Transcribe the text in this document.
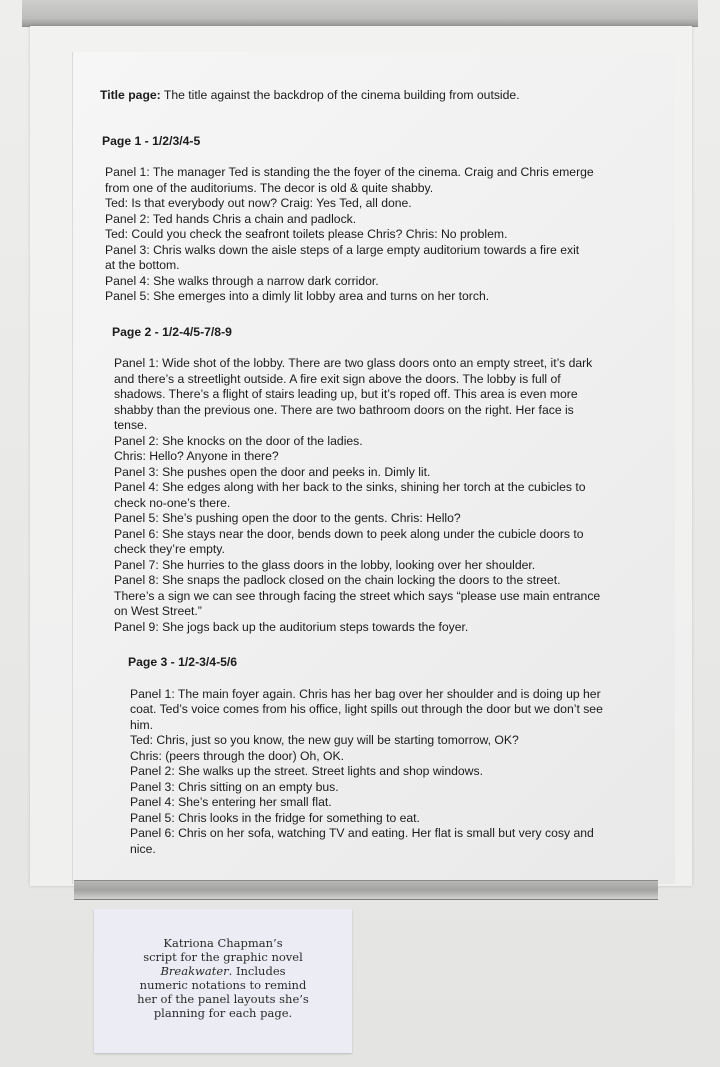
Title page: The title against the backdrop of the cinema building from outside.

Page 1 - 1/2/3/4-5

Panel 1: The manager Ted is standing the the foyer of the cinema. Craig and Chris emerge

from one of the auditoriums. The decor is old & quite shabby.

Ted: Is that everybody out now? Craig: Yes Ted, all done.

Panel 2: Ted hands Chris a chain and padlock.

Ted: Could you check the seafront toilets please Chris? Chris: No problem.

Panel 3: Chris walks down the aisle steps of a large empty auditorium towards a fire exit

at the bottom.

Panel 4: She walks through a narrow dark corridor.

Panel 5: She emerges into a dimly lit lobby area and turns on her torch.

Page 2 - 1/2-4/5-7/8-9

Panel 1: Wide shot of the lobby. There are two glass doors onto an empty street, it’s dark

and there’s a streetlight outside. A fire exit sign above the doors. The lobby is full of

shadows. There’s a flight of stairs leading up, but it’s roped off. This area is even more

shabby than the previous one. There are two bathroom doors on the right. Her face is

tense.

Panel 2: She knocks on the door of the ladies.

Chris: Hello? Anyone in there?

Panel 3: She pushes open the door and peeks in. Dimly lit.

Panel 4: She edges along with her back to the sinks, shining her torch at the cubicles to

check no-one’s there.

Panel 5: She’s pushing open the door to the gents. Chris: Hello?

Panel 6: She stays near the door, bends down to peek along under the cubicle doors to

check they’re empty.

Panel 7: She hurries to the glass doors in the lobby, looking over her shoulder.

Panel 8: She snaps the padlock closed on the chain locking the doors to the street.

There’s a sign we can see through facing the street which says “please use main entrance

on West Street.”

Panel 9: She jogs back up the auditorium steps towards the foyer.

Page 3 - 1/2-3/4-5/6

Panel 1: The main foyer again. Chris has her bag over her shoulder and is doing up her

coat. Ted’s voice comes from his office, light spills out through the door but we don’t see

him.

Ted: Chris, just so you know, the new guy will be starting tomorrow, OK?

Chris: (peers through the door) Oh, OK.

Panel 2: She walks up the street. Street lights and shop windows.

Panel 3: Chris sitting on an empty bus.

Panel 4: She’s entering her small flat.

Panel 5: Chris looks in the fridge for something to eat.

Panel 6: Chris on her sofa, watching TV and eating. Her flat is small but very cosy and

nice.

Katriona Chapman’s
script for the graphic novel
Breakwater. Includes
numeric notations to remind
her of the panel layouts she’s
planning for each page.
